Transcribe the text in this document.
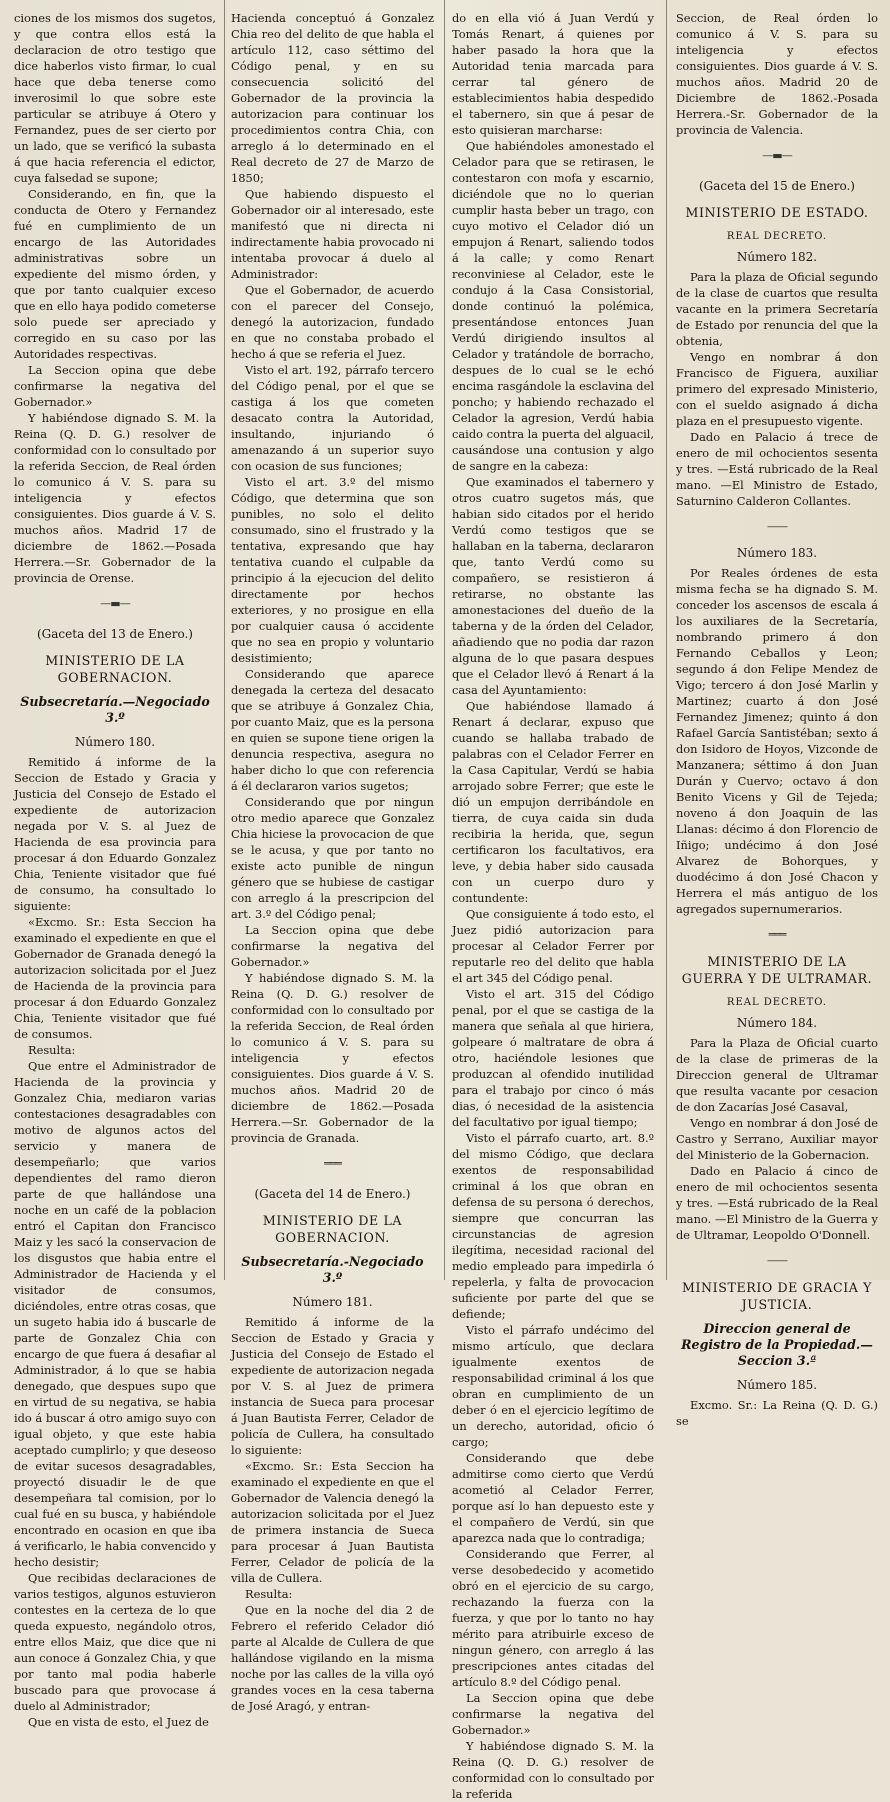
ciones de los mismos dos sugetos, y que contra ellos está la declaracion de otro testigo que dice haberlos visto firmar, lo cual hace que deba tenerse como inverosimil lo que sobre este particular se atribuye á Otero y Fernandez, pues de ser cierto por un lado, que se verificó la subasta á que hacia referencia el edictor, cuya falsedad se supone;

Considerando, en fin, que la conducta de Otero y Fernandez fué en cumplimiento de un encargo de las Autoridades administrativas sobre un expediente del mismo órden, y que por tanto cualquier exceso que en ello haya podido cometerse solo puede ser apreciado y corregido en su caso por las Autoridades respectivas.

La Seccion opina que debe confirmarse la negativa del Gobernador.»

Y habiéndose dignado S. M. la Reina (Q. D. G.) resolver de conformidad con lo consultado por la referida Seccion, de Real órden lo comunico á V. S. para su inteligencia y efectos consiguientes. Dios guarde á V. S. muchos años. Madrid 17 de diciembre de 1862.—Posada Herrera.—Sr. Gobernador de la provincia de Orense.

—▬—
(Gaceta del 13 de Enero.)
MINISTERIO DE LA GOBERNACION.
Subsecretaría.—Negociado 3.º
Número 180.

Remitido á informe de la Seccion de Estado y Gracia y Justicia del Consejo de Estado el expediente de autorizacion negada por V. S. al Juez de Hacienda de esa provincia para procesar á don Eduardo Gonzalez Chia, Teniente visitador que fué de consumo, ha consultado lo siguiente:

«Excmo. Sr.: Esta Seccion ha examinado el expediente en que el Gobernador de Granada denegó la autorizacion solicitada por el Juez de Hacienda de la provincia para procesar á don Eduardo Gonzalez Chia, Teniente visitador que fué de consumos.

Resulta:

Que entre el Administrador de Hacienda de la provincia y Gonzalez Chia, mediaron varias contestaciones desagradables con motivo de algunos actos del servicio y manera de desempeñarlo; que varios dependientes del ramo dieron parte de que hallándose una noche en un café de la poblacion entró el Capitan don Francisco Maiz y les sacó la conservacion de los disgustos que habia entre el Administrador de Hacienda y el visitador de consumos, diciéndoles, entre otras cosas, que un sugeto habia ido á buscarle de parte de Gonzalez Chia con encargo de que fuera á desafiar al Administrador, á lo que se habia denegado, que despues supo que en virtud de su negativa, se habia ido á buscar á otro amigo suyo con igual objeto, y que este habia aceptado cumplirlo; y que deseoso de evitar sucesos desagradables, proyectó disuadir le de que desempeñara tal comision, por lo cual fué en su busca, y habiéndole encontrado en ocasion en que iba á verificarlo, le habia convencido y hecho desistir;

Que recibidas declaraciones de varios testigos, algunos estuvieron contestes en la certeza de lo que queda expuesto, negándolo otros, entre ellos Maiz, que dice que ni aun conoce á Gonzalez Chia, y que por tanto mal podia haberle buscado para que provocase á duelo al Administrador;

Que en vista de esto, el Juez de

Hacienda conceptuó á Gonzalez Chia reo del delito de que habla el artículo 112, caso séttimo del Código penal, y en su consecuencia solicitó del Gobernador de la provincia la autorizacion para continuar los procedimientos contra Chia, con arreglo á lo determinado en el Real decreto de 27 de Marzo de 1850;

Que habiendo dispuesto el Gobernador oir al interesado, este manifestó que ni directa ni indirectamente habia provocado ni intentaba provocar á duelo al Administrador:

Que el Gobernador, de acuerdo con el parecer del Consejo, denegó la autorizacion, fundado en que no constaba probado el hecho á que se referia el Juez.

Visto el art. 192, párrafo tercero del Código penal, por el que se castiga á los que cometen desacato contra la Autoridad, insultando, injuriando ó amenazando á un superior suyo con ocasion de sus funciones;

Visto el art. 3.º del mismo Código, que determina que son punibles, no solo el delito consumado, sino el frustrado y la tentativa, expresando que hay tentativa cuando el culpable da principio á la ejecucion del delito directamente por hechos exteriores, y no prosigue en ella por cualquier causa ó accidente que no sea en propio y voluntario desistimiento;

Considerando que aparece denegada la certeza del desacato que se atribuye á Gonzalez Chia, por cuanto Maiz, que es la persona en quien se supone tiene origen la denuncia respectiva, asegura no haber dicho lo que con referencia á él declararon varios sugetos;

Considerando que por ningun otro medio aparece que Gonzalez Chia hiciese la provocacion de que se le acusa, y que por tanto no existe acto punible de ningun género que se hubiese de castigar con arreglo á la prescripcion del art. 3.º del Código penal;

La Seccion opina que debe confirmarse la negativa del Gobernador.»

Y habiéndose dignado S. M. la Reina (Q. D. G.) resolver de conformidad con lo consultado por la referida Seccion, de Real órden lo comunico á V. S. para su inteligencia y efectos consiguientes. Dios guarde á V. S. muchos años. Madrid 20 de diciembre de 1862.—Posada Herrera.—Sr. Gobernador de la provincia de Granada.

═══
(Gaceta del 14 de Enero.)
MINISTERIO DE LA GOBERNACION.
Subsecretaría.-Negociado 3.º
Número 181.

Remitido á informe de la Seccion de Estado y Gracia y Justicia del Consejo de Estado el expediente de autorizacion negada por V. S. al Juez de primera instancia de Sueca para procesar á Juan Bautista Ferrer, Celador de policía de Cullera, ha consultado lo siguiente:

«Excmo. Sr.: Esta Seccion ha examinado el expediente en que el Gobernador de Valencia denegó la autorizacion solicitada por el Juez de primera instancia de Sueca para procesar á Juan Bautista Ferrer, Celador de policía de la villa de Cullera.

Resulta:

Que en la noche del dia 2 de Febrero el referido Celador dió parte al Alcalde de Cullera de que hallándose vigilando en la misma noche por las calles de la villa oyó grandes voces en la cesa taberna de José Aragó, y entran-

do en ella vió á Juan Verdú y Tomás Renart, á quienes por haber pasado la hora que la Autoridad tenia marcada para cerrar tal género de establecimientos habia despedido el tabernero, sin que á pesar de esto quisieran marcharse:

Que habiéndoles amonestado el Celador para que se retirasen, le contestaron con mofa y escarnio, diciéndole que no lo querian cumplir hasta beber un trago, con cuyo motivo el Celador dió un empujon á Renart, saliendo todos á la calle; y como Renart reconviniese al Celador, este le condujo á la Casa Consistorial, donde continuó la polémica, presentándose entonces Juan Verdú dirigiendo insultos al Celador y tratándole de borracho, despues de lo cual se le echó encima rasgándole la esclavina del poncho; y habiendo rechazado el Celador la agresion, Verdú habia caido contra la puerta del alguacil, causándose una contusion y algo de sangre en la cabeza:

Que examinados el tabernero y otros cuatro sugetos más, que habian sido citados por el herido Verdú como testigos que se hallaban en la taberna, declararon que, tanto Verdú como su compañero, se resistieron á retirarse, no obstante las amonestaciones del dueño de la taberna y de la órden del Celador, añadiendo que no podia dar razon alguna de lo que pasara despues que el Celador llevó á Renart á la casa del Ayuntamiento:

Que habiéndose llamado á Renart á declarar, expuso que cuando se hallaba trabado de palabras con el Celador Ferrer en la Casa Capitular, Verdú se habia arrojado sobre Ferrer; que este le dió un empujon derribándole en tierra, de cuya caida sin duda recibiria la herida, que, segun certificaron los facultativos, era leve, y debia haber sido causada con un cuerpo duro y contundente:

Que consiguiente á todo esto, el Juez pidió autorizacion para procesar al Celador Ferrer por reputarle reo del delito que habla el art 345 del Código penal.

Visto el art. 315 del Código penal, por el que se castiga de la manera que señala al que hiriera, golpeare ó maltratare de obra á otro, haciéndole lesiones que produzcan al ofendido inutilidad para el trabajo por cinco ó más dias, ó necesidad de la asistencia del facultativo por igual tiempo;

Visto el párrafo cuarto, art. 8.º del mismo Código, que declara exentos de responsabilidad criminal á los que obran en defensa de su persona ó derechos, siempre que concurran las circunstancias de agresion ilegítima, necesidad racional del medio empleado para impedirla ó repelerla, y falta de provocacion suficiente por parte del que se defiende;

Visto el párrafo undécimo del mismo artículo, que declara igualmente exentos de responsabilidad criminal á los que obran en cumplimiento de un deber ó en el ejercicio legítimo de un derecho, autoridad, oficio ó cargo;

Considerando que debe admitirse como cierto que Verdú acometió al Celador Ferrer, porque así lo han depuesto este y el compañero de Verdú, sin que aparezca nada que lo contradiga;

Considerando que Ferrer, al verse desobedecido y acometido obró en el ejercicio de su cargo, rechazando la fuerza con la fuerza, y que por lo tanto no hay mérito para atribuirle exceso de ningun género, con arreglo á las prescripciones antes citadas del artículo 8.º del Código penal.

La Seccion opina que debe confirmarse la negativa del Gobernador.»

Y habiéndose dignado S. M. la Reina (Q. D. G.) resolver de conformidad con lo consultado por la referida

Seccion, de Real órden lo comunico á V. S. para su inteligencia y efectos consiguientes. Dios guarde á V. S. muchos años. Madrid 20 de Diciembre de 1862.-Posada Herrera.-Sr. Gobernador de la provincia de Valencia.

—▬—
(Gaceta del 15 de Enero.)
MINISTERIO DE ESTADO.
REAL DECRETO.
Número 182.

Para la plaza de Oficial segundo de la clase de cuartos que resulta vacante en la primera Secretaría de Estado por renuncia del que la obtenia,

Vengo en nombrar á don Francisco de Figuera, auxiliar primero del expresado Ministerio, con el sueldo asignado á dicha plaza en el presupuesto vigente.

Dado en Palacio á trece de enero de mil ochocientos sesenta y tres. —Está rubricado de la Real mano. —El Ministro de Estado, Saturnino Calderon Collantes.

——
Número 183.

Por Reales órdenes de esta misma fecha se ha dignado S. M. conceder los ascensos de escala á los auxiliares de la Secretaría, nombrando primero á don Fernando Ceballos y Leon; segundo á don Felipe Mendez de Vigo; tercero á don José Marlin y Martinez; cuarto á don José Fernandez Jimenez; quinto á don Rafael García Santistéban; sexto á don Isidoro de Hoyos, Vizconde de Manzanera; séttimo á don Juan Durán y Cuervo; octavo á don Benito Vicens y Gil de Tejeda; noveno á don Joaquin de las Llanas: décimo á don Florencio de Iñigo; undécimo á don José Alvarez de Bohorques, y duodécimo á don José Chacon y Herrera el más antiguo de los agregados supernumerarios.

═══
MINISTERIO DE LA GUERRA Y DE ULTRAMAR.
REAL DECRETO.
Número 184.

Para la Plaza de Oficial cuarto de la clase de primeras de la Direccion general de Ultramar que resulta vacante por cesacion de don Zacarías José Casaval,

Vengo en nombrar á don José de Castro y Serrano, Auxiliar mayor del Ministerio de la Gobernacion.

Dado en Palacio á cinco de enero de mil ochocientos sesenta y tres. —Está rubricado de la Real mano. —El Ministro de la Guerra y de Ultramar, Leopoldo O'Donnell.

——
MINISTERIO DE GRACIA Y JUSTICIA.
Direccion general de Registro de la Propiedad.— Seccion 3.ª
Número 185.

Excmo. Sr.: La Reina (Q. D. G.) se
